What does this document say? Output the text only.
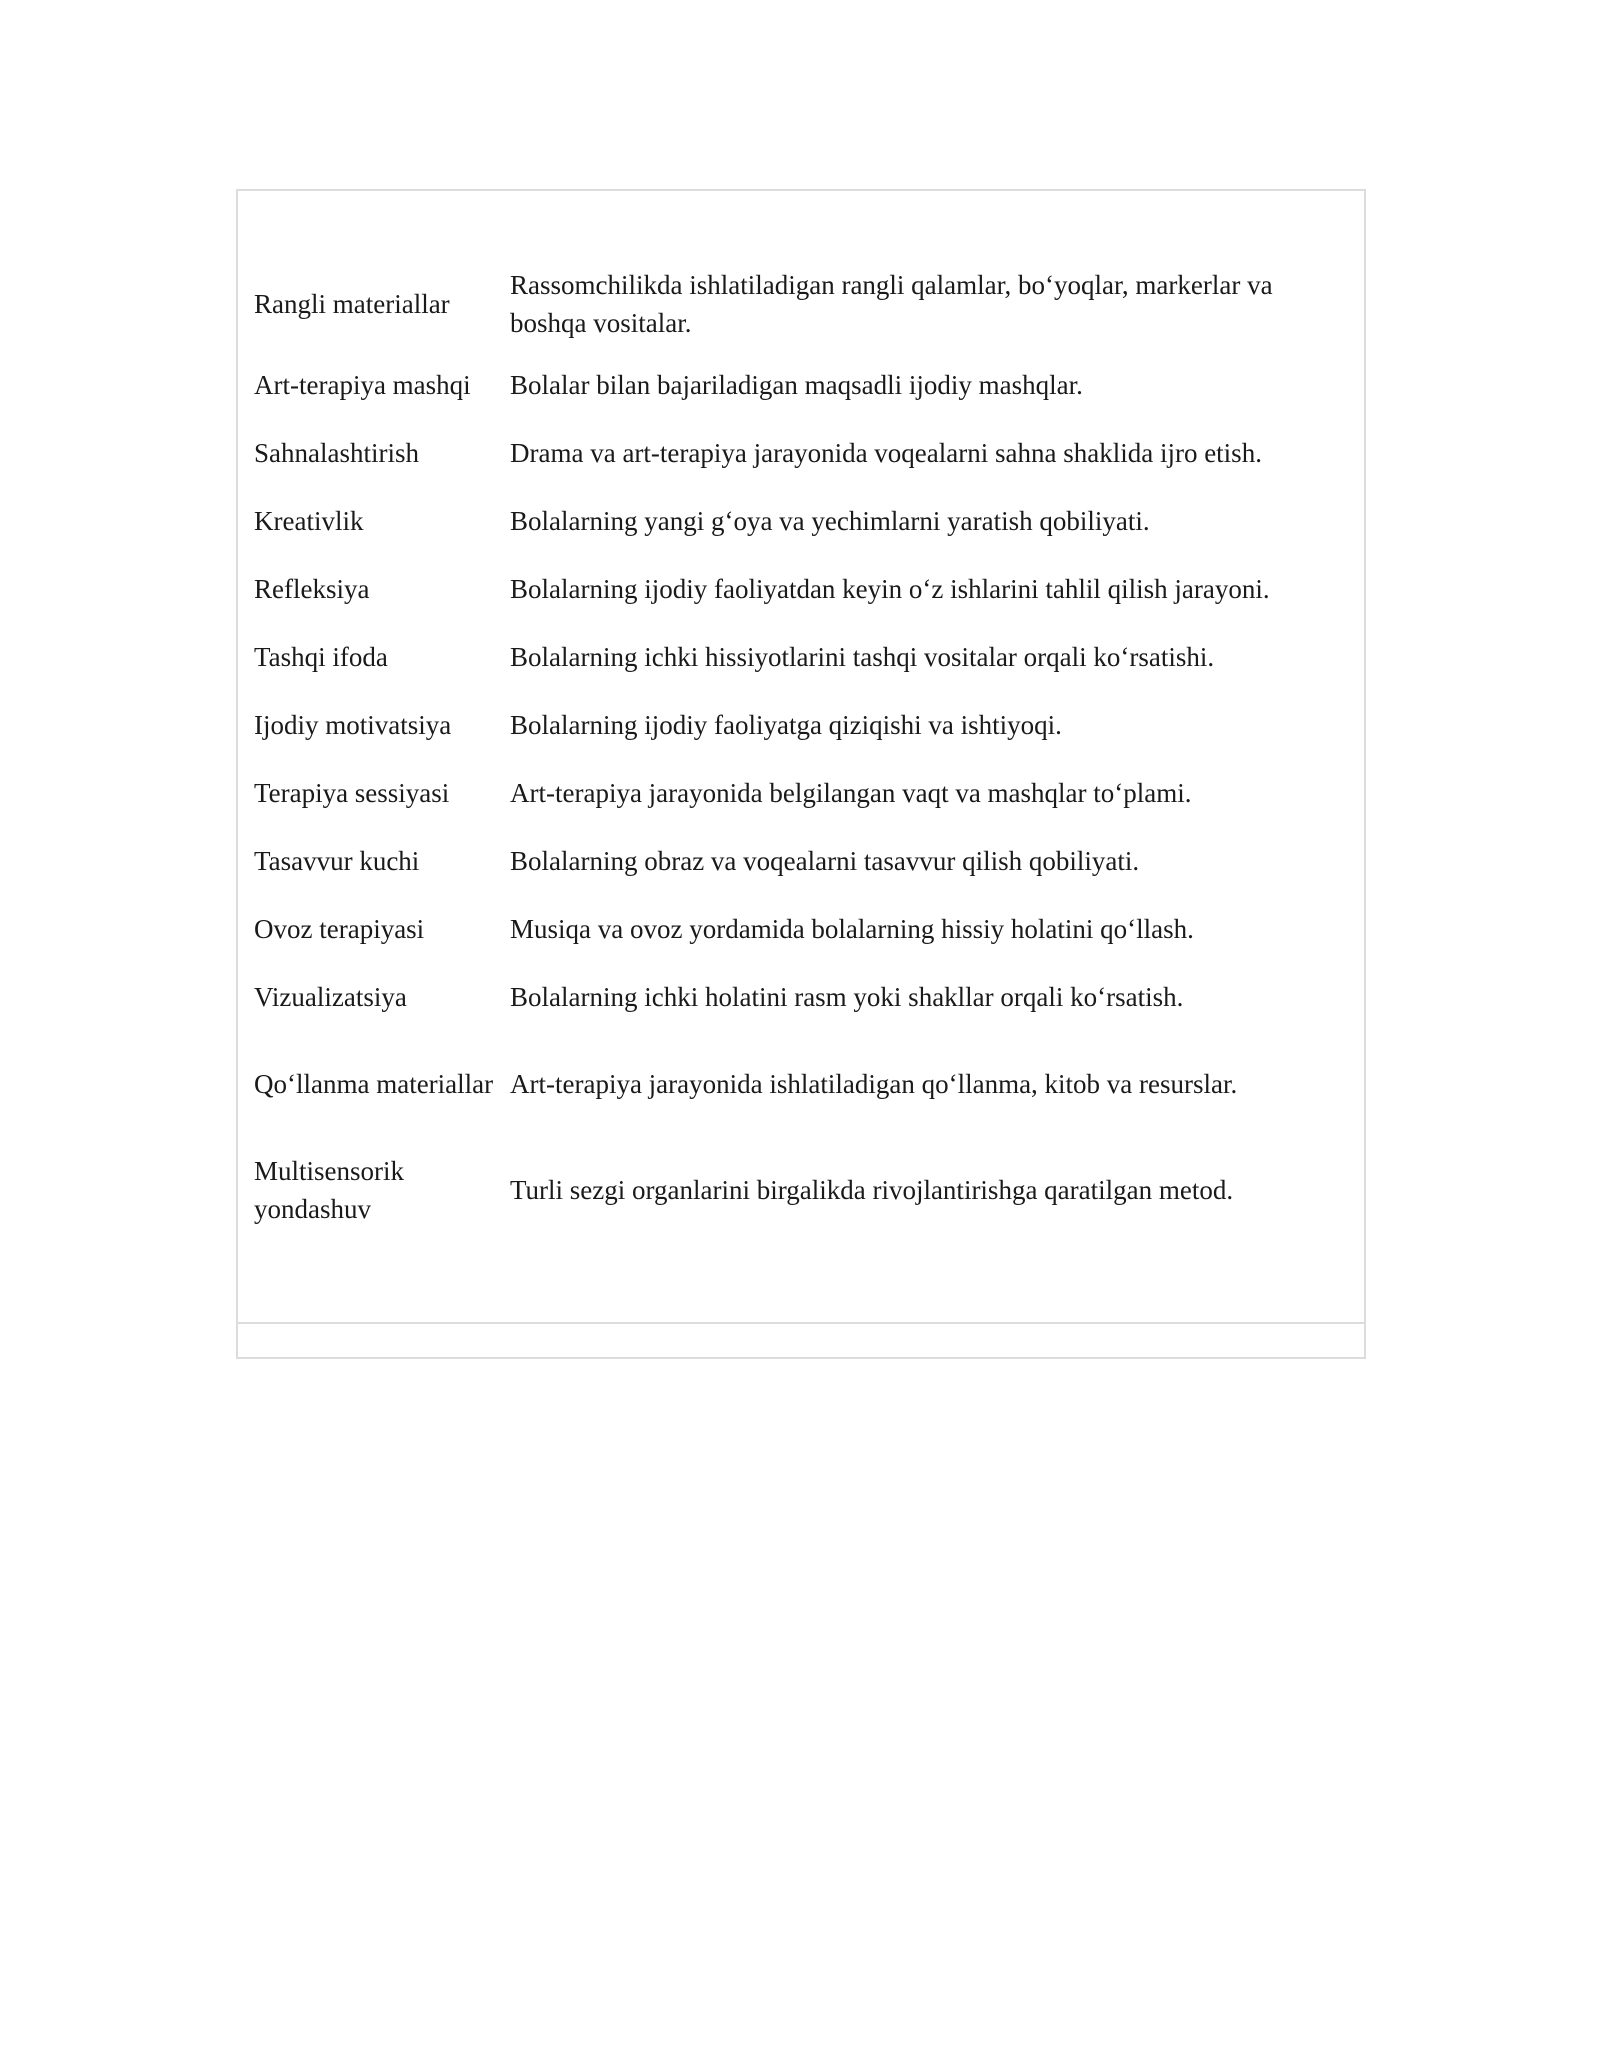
Rangli materiallar	Rassomchilikda ishlatiladigan rangli qalamlar, bo‘yoqlar, markerlar va boshqa vositalar.
Art-terapiya mashqi	Bolalar bilan bajariladigan maqsadli ijodiy mashqlar.
Sahnalashtirish	Drama va art-terapiya jarayonida voqealarni sahna shaklida ijro etish.
Kreativlik	Bolalarning yangi g‘oya va yechimlarni yaratish qobiliyati.
Refleksiya	Bolalarning ijodiy faoliyatdan keyin o‘z ishlarini tahlil qilish jarayoni.
Tashqi ifoda	Bolalarning ichki hissiyotlarini tashqi vositalar orqali ko‘rsatishi.
Ijodiy motivatsiya	Bolalarning ijodiy faoliyatga qiziqishi va ishtiyoqi.
Terapiya sessiyasi	Art-terapiya jarayonida belgilangan vaqt va mashqlar to‘plami.
Tasavvur kuchi	Bolalarning obraz va voqealarni tasavvur qilish qobiliyati.
Ovoz terapiyasi	Musiqa va ovoz yordamida bolalarning hissiy holatini qo‘llash.
Vizualizatsiya	Bolalarning ichki holatini rasm yoki shakllar orqali ko‘rsatish.
Qo‘llanma materiallar	Art-terapiya jarayonida ishlatiladigan qo‘llanma, kitob va resurslar.
Multisensorik yondashuv	Turli sezgi organlarini birgalikda rivojlantirishga qaratilgan metod.
